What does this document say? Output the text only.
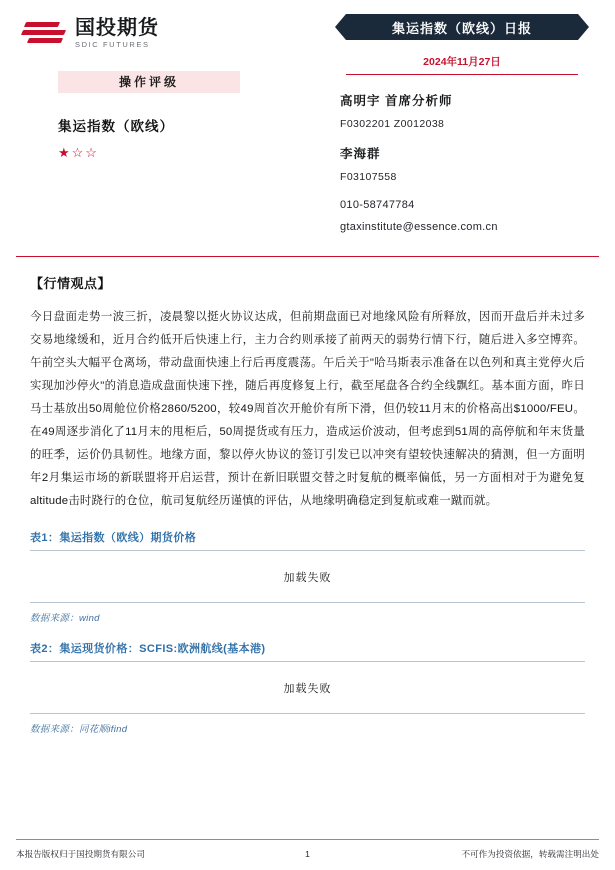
国投期货
SDIC FUTURES
操作评级
集运指数（欧线）
★☆☆
集运指数（欧线）日报
2024年11月27日
高明宇 首席分析师
F0302201 Z0012038
李海群
F03107558
010-58747784
gtaxinstitute@essence.com.cn
【行情观点】
今日盘面走势一波三折，凌晨黎以挺火协议达成，但前期盘面已对地缘风险有所释放，因而开盘后并未过多交易地缘缓和，近月合约低开后快速上行，主力合约则承接了前两天的弱势行情下行，随后进入多空博弈。午前空头大幅平仓离场，带动盘面快速上行后再度震荡。午后关于"哈马斯表示准备在以色列和真主党停火后实现加沙停火"的消息造成盘面快速下挫，随后再度修复上行，截至尾盘各合约全线飘红。基本面方面，昨日马士基放出50周舱位价格2860/5200，较49周首次开舱价有所下滑，但仍较11月末的价格高出$1000/FEU。在49周逐步消化了11月末的甩柜后，50周提货或有压力，造成运价波动，但考虑到51周的高停航和年末货量的旺季，运价仍具韧性。地缘方面，黎以停火协议的签订引发已以冲突有望较快速解决的猜测，但一方面明年2月集运市场的新联盟将开启运营，预计在新旧联盟交替之时复航的概率偏低，另一方面相对于为避免复altitude击时跷行的仓位，航司复航经历谨慎的评估，从地缘明确稳定到复航或难一蹴而就。
表1：集运指数（欧线）期货价格
加载失败
数据来源：wind
表2：集运现货价格：SCFIS:欧洲航线(基本港)
加载失败
数据来源：同花顺ifind
本报告版权归于国投期货有限公司	1	不可作为投资依据，转载需注明出处
